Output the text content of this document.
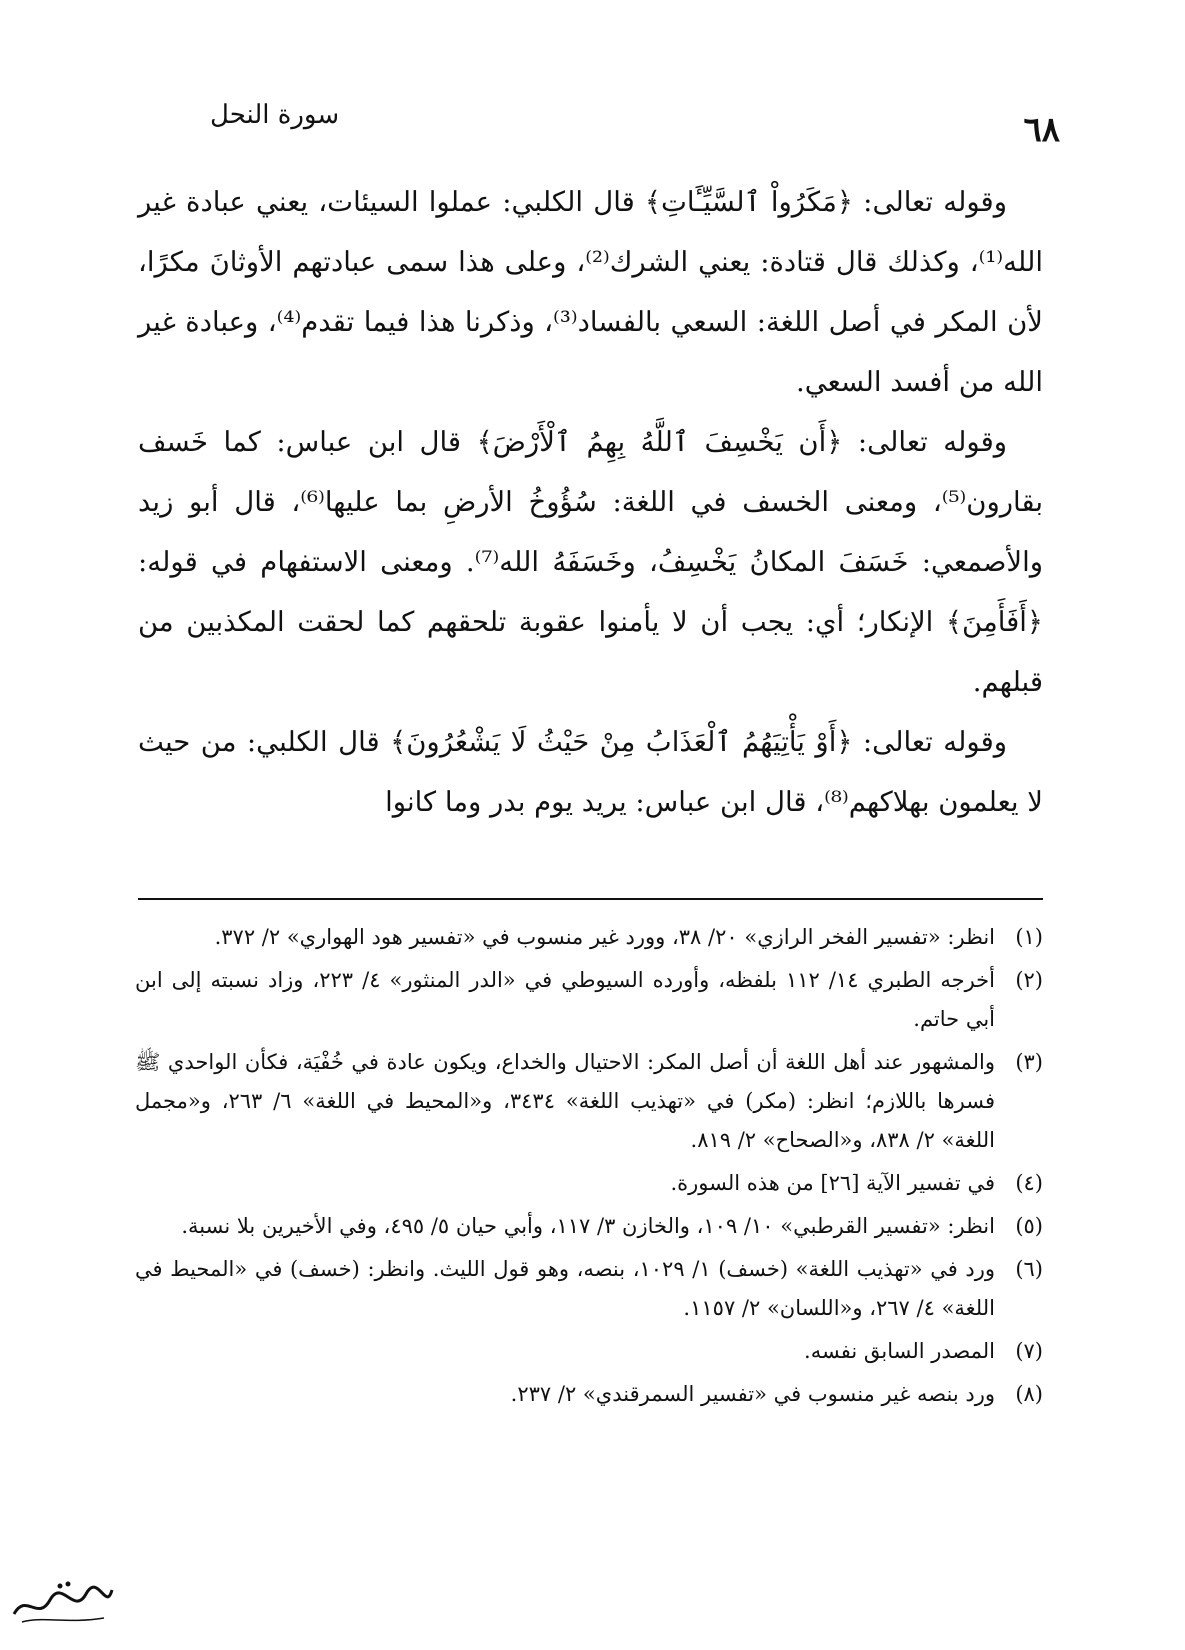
٦٨
سورة النحل

وقوله تعالى: ﴿مَكَرُواْ ٱلسَّيِّـَٔاتِ﴾ قال الكلبي: عملوا السيئات، يعني عبادة غير الله⁽¹⁾، وكذلك قال قتادة: يعني الشرك⁽²⁾، وعلى هذا سمى عبادتهم الأوثانَ مكرًا، لأن المكر في أصل اللغة: السعي بالفساد⁽³⁾، وذكرنا هذا فيما تقدم⁽⁴⁾، وعبادة غير الله من أفسد السعي.

وقوله تعالى: ﴿أَن يَخْسِفَ ٱللَّهُ بِهِمُ ٱلْأَرْضَ﴾ قال ابن عباس: كما خَسف بقارون⁽⁵⁾، ومعنى الخسف في اللغة: سُؤُوخُ الأرضِ بما عليها⁽⁶⁾، قال أبو زيد والأصمعي: خَسَفَ المكانُ يَخْسِفُ، وخَسَفَهُ الله⁽⁷⁾. ومعنى الاستفهام في قوله: ﴿أَفَأَمِنَ﴾ الإنكار؛ أي: يجب أن لا يأمنوا عقوبة تلحقهم كما لحقت المكذبين من قبلهم.

وقوله تعالى: ﴿أَوْ يَأْتِيَهُمُ ٱلْعَذَابُ مِنْ حَيْثُ لَا يَشْعُرُونَ﴾ قال الكلبي: من حيث لا يعلمون بهلاكهم⁽⁸⁾، قال ابن عباس: يريد يوم بدر وما كانوا

(١)
انظر: «تفسير الفخر الرازي» ٢٠/ ٣٨، وورد غير منسوب في «تفسير هود الهواري» ٢/ ٣٧٢.
(٢)
أخرجه الطبري ١٤/ ١١٢ بلفظه، وأورده السيوطي في «الدر المنثور» ٤/ ٢٢٣، وزاد نسبته إلى ابن أبي حاتم.
(٣)
والمشهور عند أهل اللغة أن أصل المكر: الاحتيال والخداع، ويكون عادة في خُفْيَة، فكأن الواحدي ﷺ فسرها باللازم؛ انظر: (مكر) في «تهذيب اللغة» ٣٤٣٤، و«المحيط في اللغة» ٦/ ٢٦٣، و«مجمل اللغة» ٢/ ٨٣٨، و«الصحاح» ٢/ ٨١٩.
(٤)
في تفسير الآية [٢٦] من هذه السورة.
(٥)
انظر: «تفسير القرطبي» ١٠/ ١٠٩، والخازن ٣/ ١١٧، وأبي حيان ٥/ ٤٩٥، وفي الأخيرين بلا نسبة.
(٦)
ورد في «تهذيب اللغة» (خسف) ١/ ١٠٢٩، بنصه، وهو قول الليث. وانظر: (خسف) في «المحيط في اللغة» ٤/ ٢٦٧، و«اللسان» ٢/ ١١٥٧.
(٧)
المصدر السابق نفسه.
(٨)
ورد بنصه غير منسوب في «تفسير السمرقندي» ٢/ ٢٣٧.
